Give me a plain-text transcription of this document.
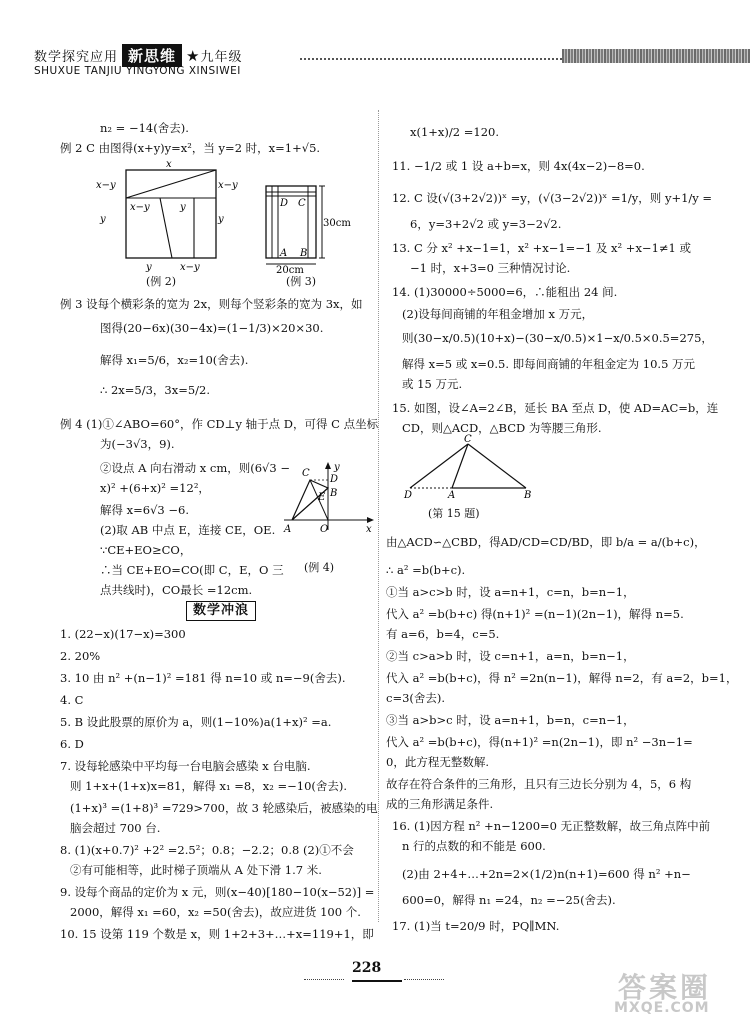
数学探究应用 新思维 ★九年级
SHUXUE TANJIU YINGYONG XINSIWEI
n₂ = −14(舍去).
例 2 C 由图得(x+y)y=x²，当 y=2 时，x=1+√5.
x
x−y	x−y
x−y	y
y
y	x−y
y
(例 2)
D C
A B
30cm
20cm
(例 3)
例 3 设每个横彩条的宽为 2x，则每个竖彩条的宽为 3x，如
图得(20−6x)(30−4x)=(1−1/3)×20×30.
解得 x₁=5/6，x₂=10(舍去).
∴ 2x=5/3，3x=5/2.
例 4 (1)①∠ABO=60°，作 CD⊥y 轴于点 D，可得 C 点坐标
为(−3√3，9).
②设点 A 向右滑动 x cm，则(6√3 −
x)² +(6+x)² =12²，
解得 x=6√3 −6.
(2)取 AB 中点 E，连接 CE，OE.
∵CE+EO≥CO，
∴当 CE+EO=CO(即 C，E，O 三
点共线时)，CO最长 =12cm.
C
y
D
E B
A	O	x
(例 4)
数学冲浪
1. (22−x)(17−x)=300
2. 20%
3. 10 由 n² +(n−1)² =181 得 n=10 或 n=−9(舍去).
4. C
5. B 设此股票的原价为 a，则(1−10%)a(1+x)² =a.
6. D
7. 设每轮感染中平均每一台电脑会感染 x 台电脑.
则 1+x+(1+x)x=81，解得 x₁ =8，x₂ =−10(舍去).
(1+x)³ =(1+8)³ =729>700，故 3 轮感染后，被感染的电
脑会超过 700 台.
8. (1)(x+0.7)² +2² =2.5²；0.8；−2.2；0.8 (2)①不会
②有可能相等，此时梯子顶端从 A 处下滑 1.7 米.
9. 设每个商品的定价为 x 元，则(x−40)[180−10(x−52)] =
2000，解得 x₁ =60，x₂ =50(舍去)，故应进货 100 个.
10. 15 设第 119 个数是 x，则 1+2+3+…+x=119+1，即
x(1+x)/2 =120.
11. −1/2 或 1 设 a+b=x，则 4x(4x−2)−8=0.
12. C 设(√(3+2√2))ˣ =y，(√(3−2√2))ˣ =1/y，则 y+1/y =
6，y=3+2√2 或 y=3−2√2.
13. C 分 x² +x−1=1，x² +x−1=−1 及 x² +x−1≠1 或
−1 时，x+3=0 三种情况讨论.
14. (1)30000÷5000=6，∴能租出 24 间.
(2)设每间商铺的年租金增加 x 万元，
则(30−x/0.5)(10+x)−(30−x/0.5)×1−x/0.5×0.5=275，
解得 x=5 或 x=0.5. 即每间商铺的年租金定为 10.5 万元
或 15 万元.
15. 如图，设∠A=2∠B，延长 BA 至点 D，使 AD=AC=b，连
CD，则△ACD，△BCD 为等腰三角形.
C
D	A	B
(第 15 题)
由△ACD∽△CBD，得AD/CD=CD/BD，即 b/a = a/(b+c)，
∴ a² =b(b+c).
①当 a>c>b 时，设 a=n+1，c=n，b=n−1，
代入 a² =b(b+c) 得(n+1)² =(n−1)(2n−1)，解得 n=5.
有 a=6，b=4，c=5.
②当 c>a>b 时，设 c=n+1，a=n，b=n−1，
代入 a² =b(b+c)，得 n² =2n(n−1)，解得 n=2，有 a=2，b=1，
c=3(舍去).
③当 a>b>c 时，设 a=n+1，b=n，c=n−1，
代入 a² =b(b+c)，得(n+1)² =n(2n−1)，即 n² −3n−1=
0，此方程无整数解.
故存在符合条件的三角形，且只有三边长分别为 4，5，6 构
成的三角形满足条件.
16. (1)因方程 n² +n−1200=0 无正整数解，故三角点阵中前
n 行的点数的和不能是 600.
(2)由 2+4+…+2n=2×(1/2)n(n+1)=600 得 n² +n−
600=0，解得 n₁ =24，n₂ =−25(舍去).
17. (1)当 t=20/9 时，PQ∥MN.
228
答案圈
MXQE.COM
